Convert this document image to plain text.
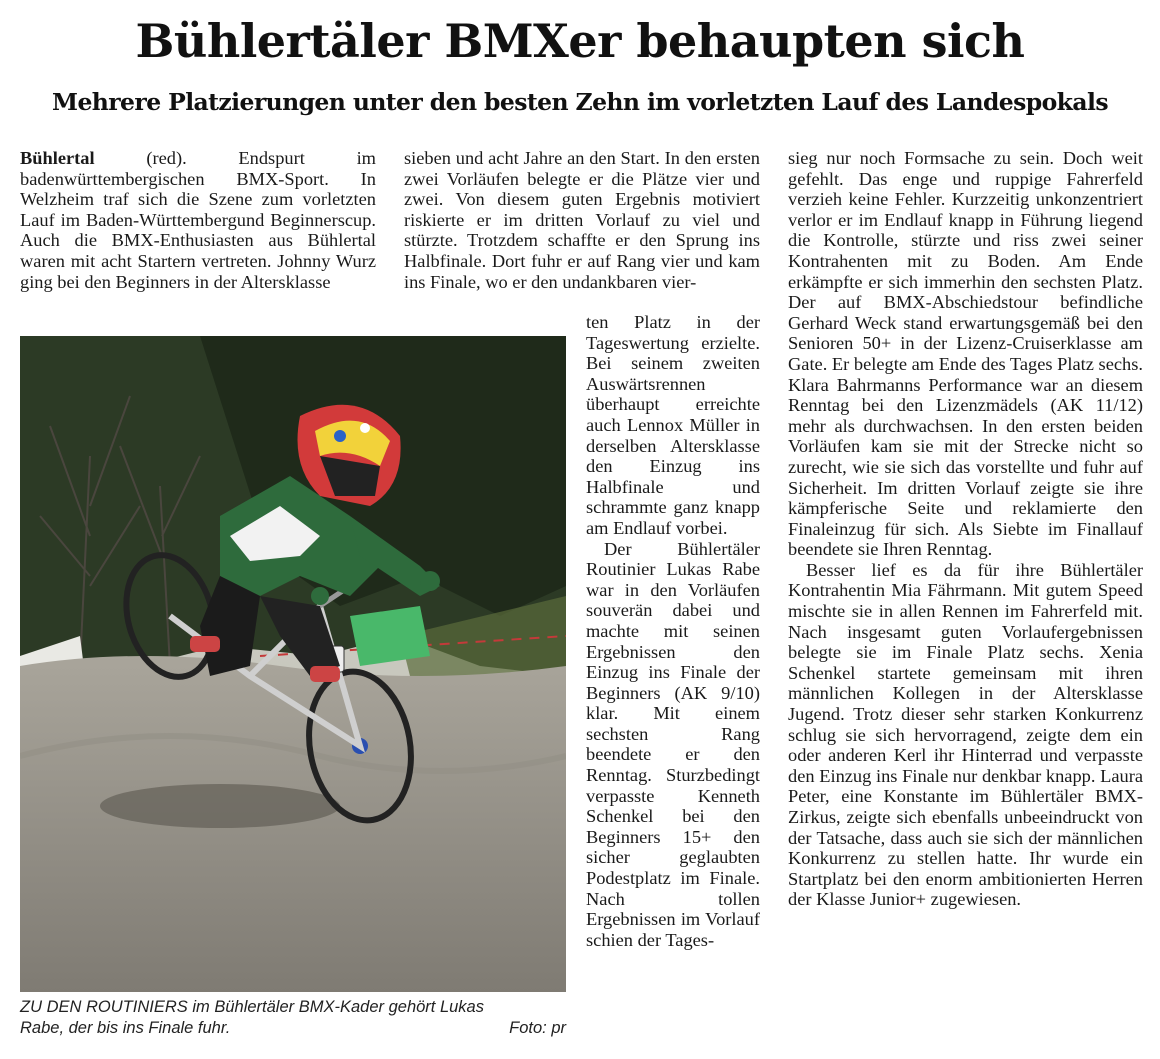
Bühlertäler BMXer behaupten sich
Mehrere Platzierungen unter den besten Zehn im vorletzten Lauf des Landespokals

Bühlertal (red). Endspurt im badenwürttembergischen BMX-Sport. In Welzheim traf sich die Szene zum vorletzten Lauf im Baden-Württembergund Beginnerscup. Auch die BMX-Enthusiasten aus Bühlertal waren mit acht Startern vertreten. Johnny Wurz ging bei den Beginners in der Altersklasse

sieben und acht Jahre an den Start. In den ersten zwei Vorläufen belegte er die Plätze vier und zwei. Von diesem guten Ergebnis motiviert riskierte er im dritten Vorlauf zu viel und stürzte. Trotzdem schaffte er den Sprung ins Halbfinale. Dort fuhr er auf Rang vier und kam ins Finale, wo er den undankbaren vier-

ten Platz in der Tageswertung erzielte. Bei seinem zweiten Auswärtsrennen überhaupt erreichte auch Lennox Müller in derselben Altersklasse den Einzug ins Halbfinale und schrammte ganz knapp am Endlauf vorbei.

Der Bühlertäler Routinier Lukas Rabe war in den Vorläufen souverän dabei und machte mit seinen Ergebnissen den Einzug ins Finale der Beginners (AK 9/10) klar. Mit einem sechsten Rang beendete er den Renntag. Sturzbedingt verpasste Kenneth Schenkel bei den Beginners 15+ den sicher geglaubten Podestplatz im Finale. Nach tollen Ergebnissen im Vorlauf schien der Tages-

sieg nur noch Formsache zu sein. Doch weit gefehlt. Das enge und ruppige Fahrerfeld verzieh keine Fehler. Kurzzeitig unkonzentriert verlor er im Endlauf knapp in Führung liegend die Kontrolle, stürzte und riss zwei seiner Kontrahenten mit zu Boden. Am Ende erkämpfte er sich immerhin den sechsten Platz. Der auf BMX-Abschiedstour befindliche Gerhard Weck stand erwartungsgemäß bei den Senioren 50+ in der Lizenz-Cruiserklasse am Gate. Er belegte am Ende des Tages Platz sechs. Klara Bahrmanns Performance war an diesem Renntag bei den Lizenzmädels (AK 11/12) mehr als durchwachsen. In den ersten beiden Vorläufen kam sie mit der Strecke nicht so zurecht, wie sie sich das vorstellte und fuhr auf Sicherheit. Im dritten Vorlauf zeigte sie ihre kämpferische Seite und reklamierte den Finaleinzug für sich. Als Siebte im Finallauf beendete sie Ihren Renntag.

Besser lief es da für ihre Bühlertäler Kontrahentin Mia Fährmann. Mit gutem Speed mischte sie in allen Rennen im Fahrerfeld mit. Nach insgesamt guten Vorlaufergebnissen belegte sie im Finale Platz sechs. Xenia Schenkel startete gemeinsam mit ihren männlichen Kollegen in der Altersklasse Jugend. Trotz dieser sehr starken Konkurrenz schlug sie sich hervorragend, zeigte dem ein oder anderen Kerl ihr Hinterrad und verpasste den Einzug ins Finale nur denkbar knapp. Laura Peter, eine Konstante im Bühlertäler BMX-Zirkus, zeigte sich ebenfalls unbeeindruckt von der Tatsache, dass auch sie sich der männlichen Konkurrenz zu stellen hatte. Ihr wurde ein Startplatz bei den enorm ambitionierten Herren der Klasse Junior+ zugewiesen.

ZU DEN ROUTINIERS im Bühlertäler BMX-Kader gehört Lukas
Rabe, der bis ins Finale fuhr.	Foto: pr
